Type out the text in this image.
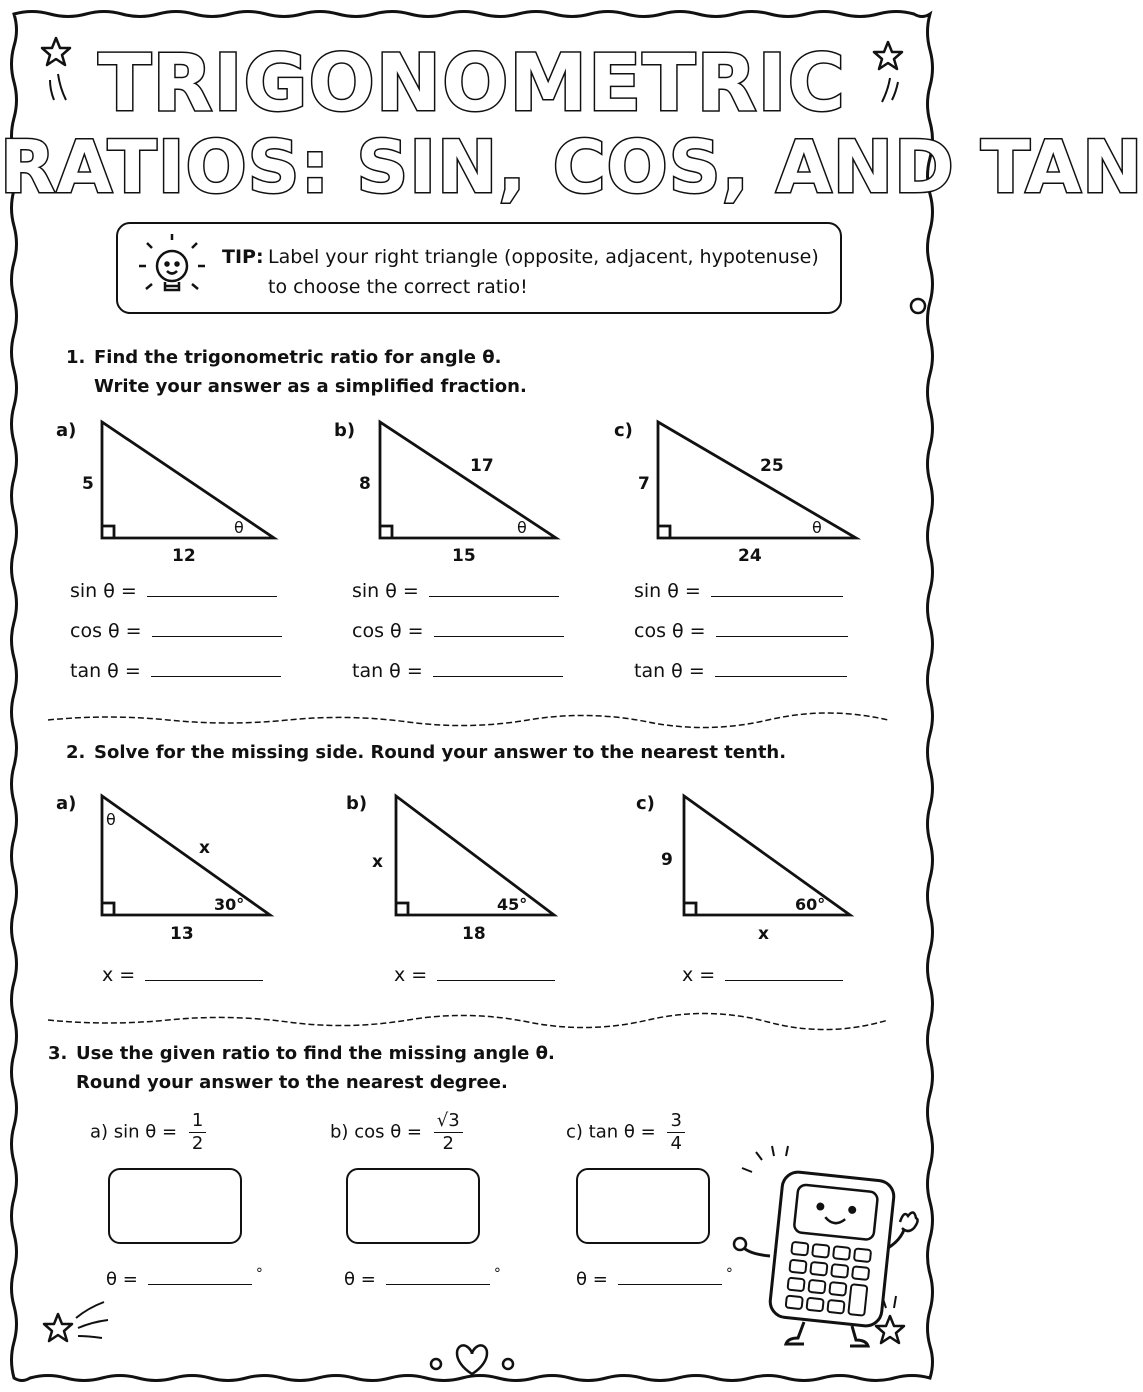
TRIGONOMETRIC
RATIOS: SIN, COS, AND TAN
TIP: Label your right triangle (opposite, adjacent, hypotenuse)
to choose the correct ratio!
1. Find the trigonometric ratio for angle θ.
Write your answer as a simplified fraction.
a)
5
12
θ
b)
8
17
15
θ
c)
7
25
24
θ
sin θ =
cos θ =
tan θ =
sin θ =
cos θ =
tan θ =
sin θ =
cos θ =
tan θ =
2. Solve for the missing side. Round your answer to the nearest tenth.
a)
θ
x
13
30°
b)
x
18
45°
c)
9
x
60°
x =	x =	x =
3. Use the given ratio to find the missing angle θ.
Round your answer to the nearest degree.
a) $\sin \theta = \frac{1}{2}$	b) $\cos \theta = \frac{√3}{2}$	c) $\tan \theta = \frac{3}{4}$
θ =	°	θ =	°	θ =	°
